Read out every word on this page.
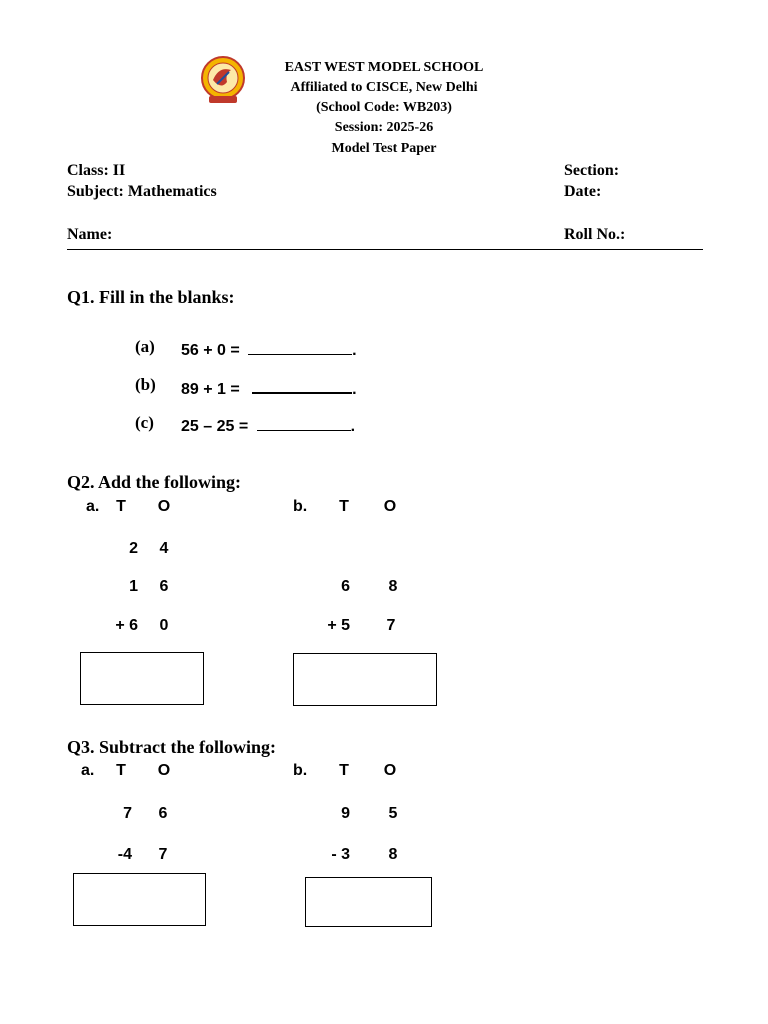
EAST WEST MODEL SCHOOL
Affiliated to CISCE, New Delhi
(School Code: WB203)
Session: 2025-26
Model Test Paper
Class: II
Subject: Mathematics
Name:
Section:
Date:
Roll No.:
Q1. Fill in the blanks:
(a) 56 + 0 =	.
(b) 89 + 1 =	.
(c) 25 – 25 =	.
Q2. Add the following:
a. T O
2 4
1 6
+ 6 0
b. T O
6 8
+ 5 7
Q3. Subtract the following:
a. T O
7 6
-4 7
b. T O
9 5
- 3 8
